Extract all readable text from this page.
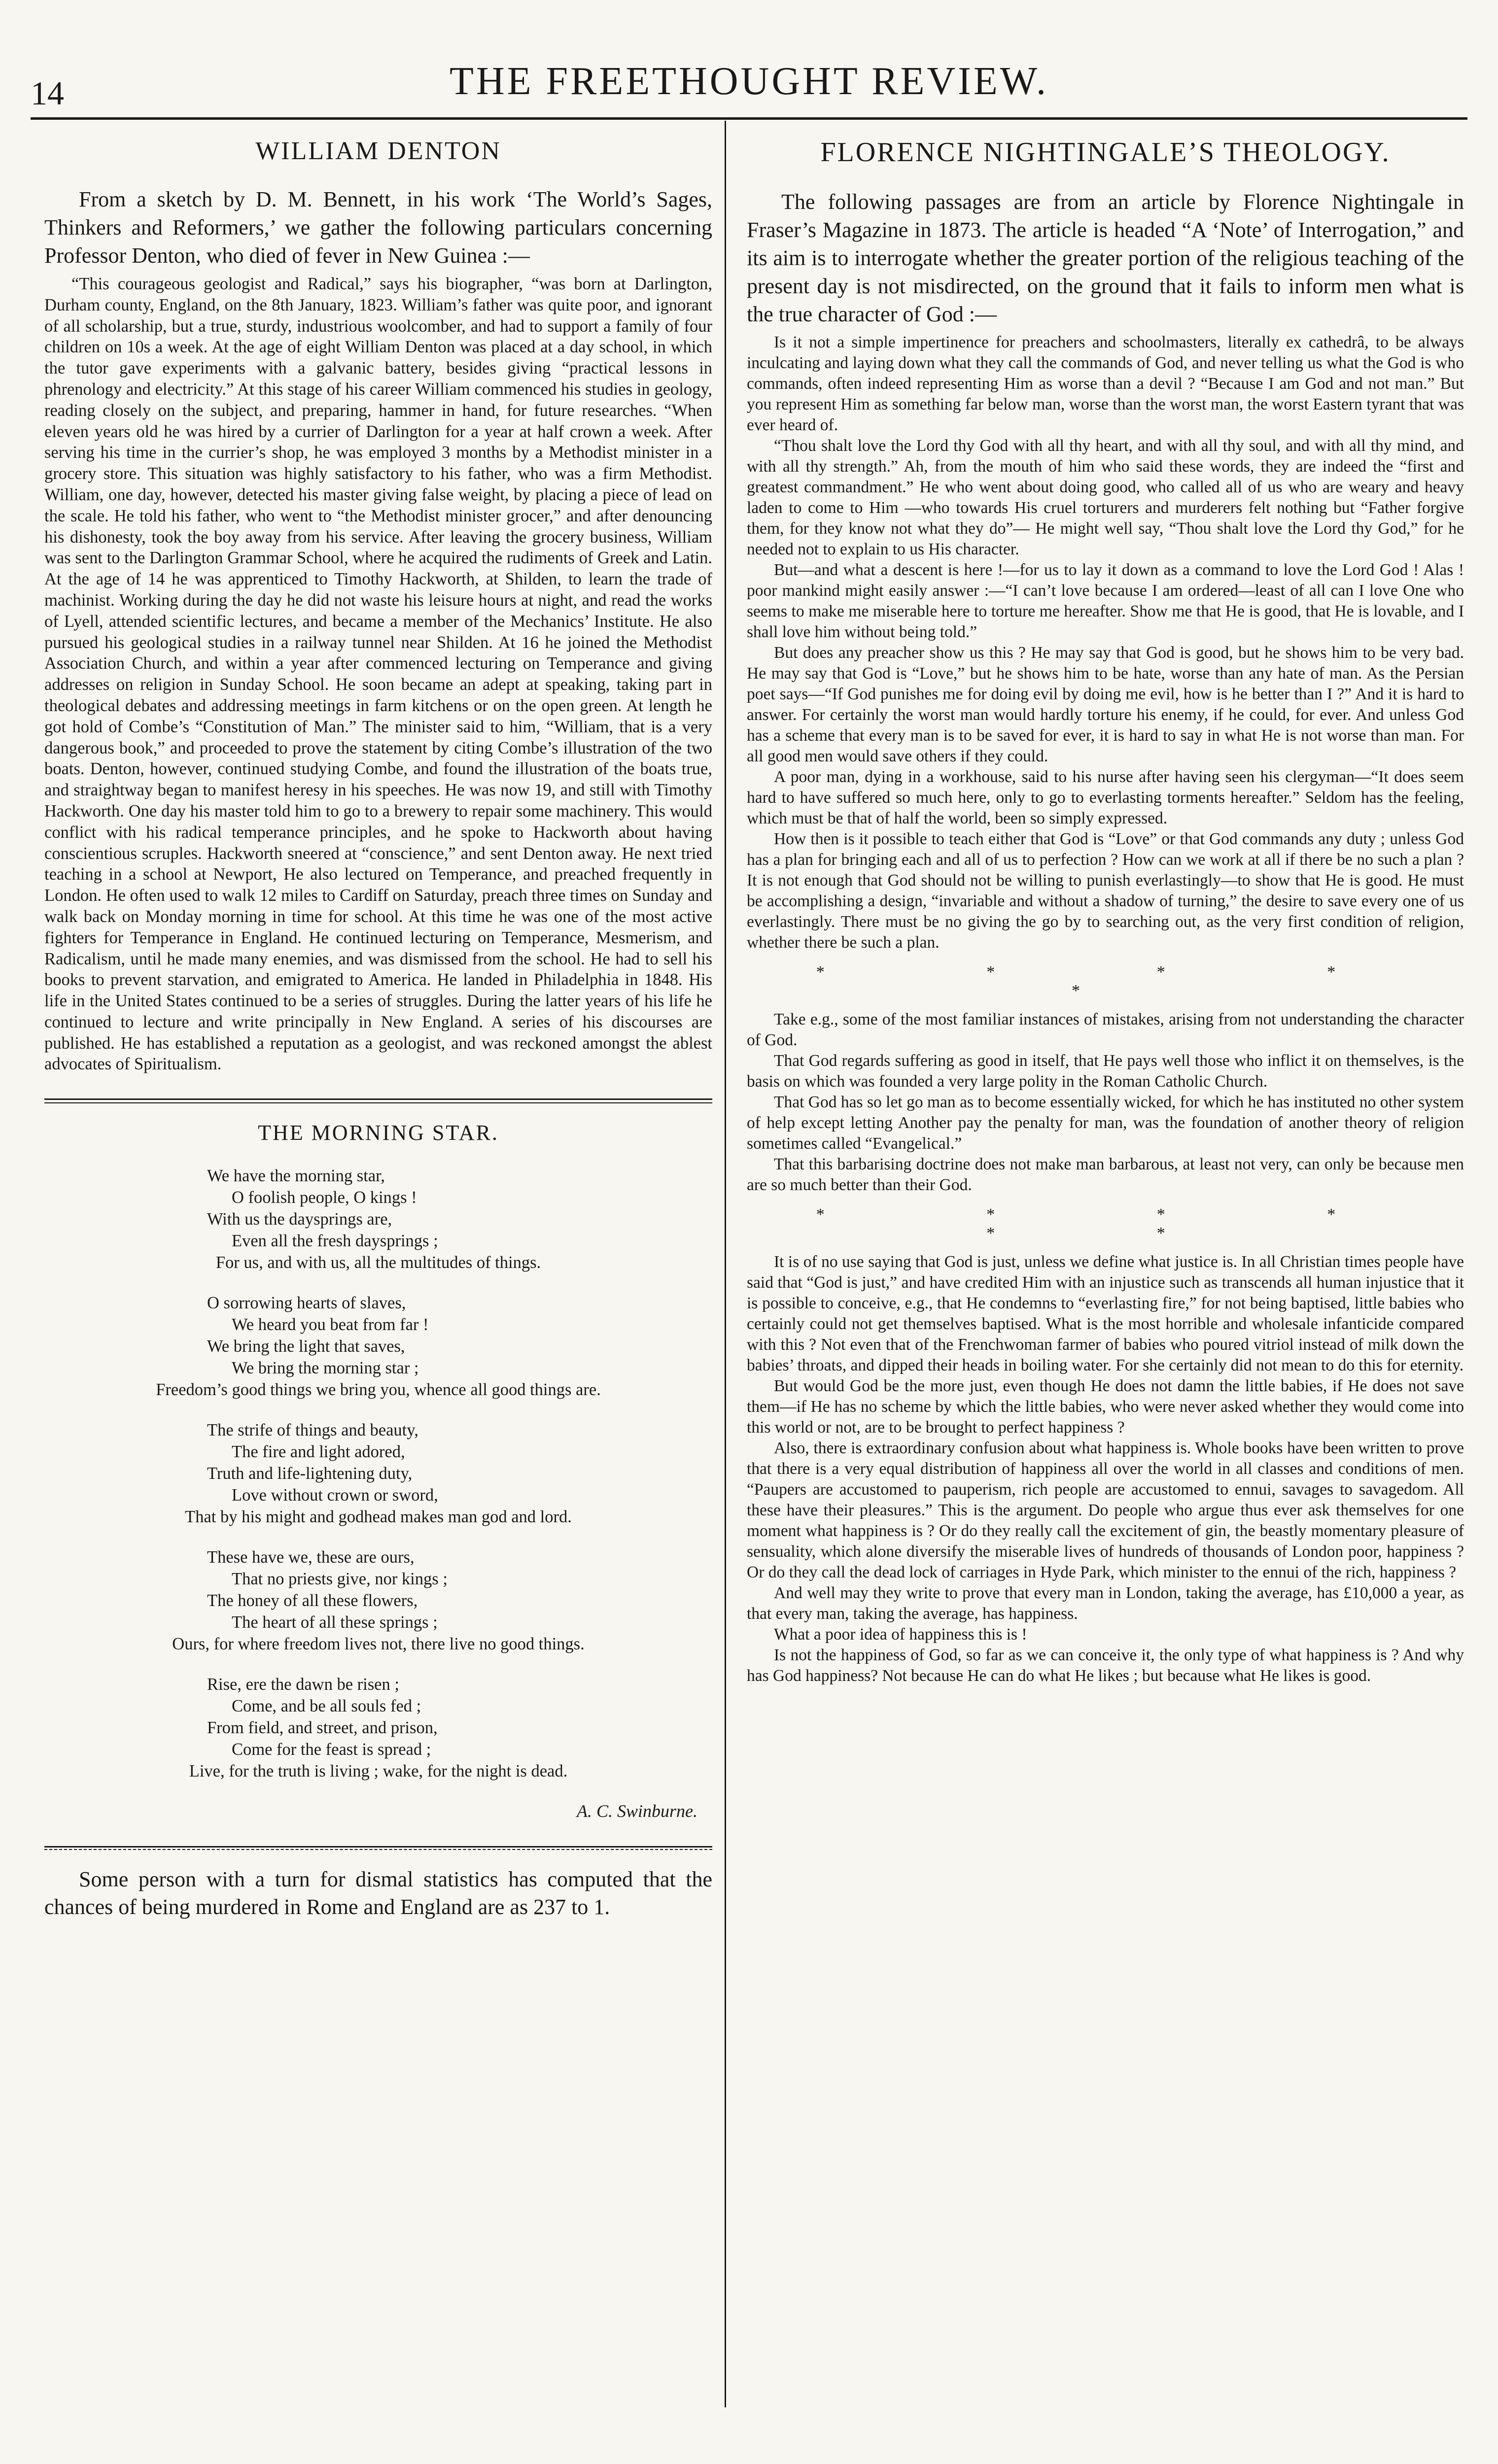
14	THE FREETHOUGHT REVIEW.
WILLIAM DENTON

From a sketch by D. M. Bennett, in his work ‘The World’s Sages, Thinkers and Reformers,’ we gather the following particulars concerning Professor Denton, who died of fever in New Guinea :—

“This courageous geologist and Radical,” says his biographer, “was born at Darlington, Durham county, England, on the 8th January, 1823. William’s father was quite poor, and ignorant of all scholarship, but a true, sturdy, industrious woolcomber, and had to support a family of four children on 10s a week. At the age of eight William Denton was placed at a day school, in which the tutor gave experiments with a galvanic battery, besides giving “practical lessons in phrenology and electricity.” At this stage of his career William commenced his studies in geology, reading closely on the subject, and preparing, hammer in hand, for future researches. “When eleven years old he was hired by a currier of Darlington for a year at half crown a week. After serving his time in the currier’s shop, he was employed 3 months by a Methodist minister in a grocery store. This situation was highly satisfactory to his father, who was a firm Methodist. William, one day, however, detected his master giving false weight, by placing a piece of lead on the scale. He told his father, who went to “the Methodist minister grocer,” and after denouncing his dishonesty, took the boy away from his service. After leaving the grocery business, William was sent to the Darlington Grammar School, where he acquired the rudiments of Greek and Latin. At the age of 14 he was apprenticed to Timothy Hackworth, at Shilden, to learn the trade of machinist. Working during the day he did not waste his leisure hours at night, and read the works of Lyell, attended scientific lectures, and became a member of the Mechanics’ Institute. He also pursued his geological studies in a railway tunnel near Shilden. At 16 he joined the Methodist Association Church, and within a year after commenced lecturing on Temperance and giving addresses on religion in Sunday School. He soon became an adept at speaking, taking part in theological debates and addressing meetings in farm kitchens or on the open green. At length he got hold of Combe’s “Constitution of Man.” The minister said to him, “William, that is a very dangerous book,” and proceeded to prove the statement by citing Combe’s illustration of the two boats. Denton, however, continued studying Combe, and found the illustration of the boats true, and straightway began to manifest heresy in his speeches. He was now 19, and still with Timothy Hackworth. One day his master told him to go to a brewery to repair some machinery. This would conflict with his radical temperance principles, and he spoke to Hackworth about having conscientious scruples. Hackworth sneered at “conscience,” and sent Denton away. He next tried teaching in a school at Newport, He also lectured on Temperance, and preached frequently in London. He often used to walk 12 miles to Cardiff on Saturday, preach three times on Sunday and walk back on Monday morning in time for school. At this time he was one of the most active fighters for Temperance in England. He continued lecturing on Temperance, Mesmerism, and Radicalism, until he made many enemies, and was dismissed from the school. He had to sell his books to prevent starvation, and emigrated to America. He landed in Philadelphia in 1848. His life in the United States continued to be a series of struggles. During the latter years of his life he continued to lecture and write principally in New England. A series of his discourses are published. He has established a reputation as a geologist, and was reckoned amongst the ablest advocates of Spiritualism.

THE MORNING STAR.
We have the morning star,
O foolish people, O kings !
With us the daysprings are,
Even all the fresh daysprings ;
For us, and with us, all the multitudes of things.
O sorrowing hearts of slaves,
We heard you beat from far !
We bring the light that saves,
We bring the morning star ;
Freedom’s good things we bring you, whence all good things are.
The strife of things and beauty,
The fire and light adored,
Truth and life-lightening duty,
Love without crown or sword,
That by his might and godhead makes man god and lord.
These have we, these are ours,
That no priests give, nor kings ;
The honey of all these flowers,
The heart of all these springs ;
Ours, for where freedom lives not, there live no good things.
Rise, ere the dawn be risen ;
Come, and be all souls fed ;
From field, and street, and prison,
Come for the feast is spread ;
Live, for the truth is living ; wake, for the night is dead.
A. C. Swinburne.

Some person with a turn for dismal statistics has computed that the chances of being murdered in Rome and England are as 237 to 1.

FLORENCE NIGHTINGALE’S THEOLOGY.

The following passages are from an article by Florence Nightingale in Fraser’s Magazine in 1873. The article is headed “A ‘Note’ of Interrogation,” and its aim is to interrogate whether the greater portion of the religious teaching of the present day is not misdirected, on the ground that it fails to inform men what is the true character of God :—

Is it not a simple impertinence for preachers and schoolmasters, literally ex cathedrâ, to be always inculcating and laying down what they call the commands of God, and never telling us what the God is who commands, often indeed representing Him as worse than a devil ? “Because I am God and not man.” But you represent Him as something far below man, worse than the worst man, the worst Eastern tyrant that was ever heard of.

“Thou shalt love the Lord thy God with all thy heart, and with all thy soul, and with all thy mind, and with all thy strength.” Ah, from the mouth of him who said these words, they are indeed the “first and greatest commandment.” He who went about doing good, who called all of us who are weary and heavy laden to come to Him —who towards His cruel torturers and murderers felt nothing but “Father forgive them, for they know not what they do”— He might well say, “Thou shalt love the Lord thy God,” for he needed not to explain to us His character.

But—and what a descent is here !—for us to lay it down as a command to love the Lord God ! Alas ! poor mankind might easily answer :—“I can’t love because I am ordered—least of all can I love One who seems to make me miserable here to torture me hereafter. Show me that He is good, that He is lovable, and I shall love him without being told.”

But does any preacher show us this ? He may say that God is good, but he shows him to be very bad. He may say that God is “Love,” but he shows him to be hate, worse than any hate of man. As the Persian poet says—“If God punishes me for doing evil by doing me evil, how is he better than I ?” And it is hard to answer. For certainly the worst man would hardly torture his enemy, if he could, for ever. And unless God has a scheme that every man is to be saved for ever, it is hard to say in what He is not worse than man. For all good men would save others if they could.

A poor man, dying in a workhouse, said to his nurse after having seen his clergyman—“It does seem hard to have suffered so much here, only to go to everlasting torments hereafter.” Seldom has the feeling, which must be that of half the world, been so simply expressed.

How then is it possible to teach either that God is “Love” or that God commands any duty ; unless God has a plan for bringing each and all of us to perfection ? How can we work at all if there be no such a plan ? It is not enough that God should not be willing to punish everlastingly—to show that He is good. He must be accomplishing a design, “invariable and without a shadow of turning,” the desire to save every one of us everlastingly. There must be no giving the go by to searching out, as the very first condition of religion, whether there be such a plan.

* * * * *

Take e.g., some of the most familiar instances of mistakes, arising from not understanding the character of God.

That God regards suffering as good in itself, that He pays well those who inflict it on themselves, is the basis on which was founded a very large polity in the Roman Catholic Church.

That God has so let go man as to become essentially wicked, for which he has instituted no other system of help except letting Another pay the penalty for man, was the foundation of another theory of religion sometimes called “Evangelical.”

That this barbarising doctrine does not make man barbarous, at least not very, can only be because men are so much better than their God.

* * * * * *

It is of no use saying that God is just, unless we define what justice is. In all Christian times people have said that “God is just,” and have credited Him with an injustice such as transcends all human injustice that it is possible to conceive, e.g., that He condemns to “everlasting fire,” for not being baptised, little babies who certainly could not get themselves baptised. What is the most horrible and wholesale infanticide compared with this ? Not even that of the Frenchwoman farmer of babies who poured vitriol instead of milk down the babies’ throats, and dipped their heads in boiling water. For she certainly did not mean to do this for eternity.

But would God be the more just, even though He does not damn the little babies, if He does not save them—if He has no scheme by which the little babies, who were never asked whether they would come into this world or not, are to be brought to perfect happiness ?

Also, there is extraordinary confusion about what happiness is. Whole books have been written to prove that there is a very equal distribution of happiness all over the world in all classes and conditions of men. “Paupers are accustomed to pauperism, rich people are accustomed to ennui, savages to savagedom. All these have their pleasures.” This is the argument. Do people who argue thus ever ask themselves for one moment what happiness is ? Or do they really call the excitement of gin, the beastly momentary pleasure of sensuality, which alone diversify the miserable lives of hundreds of thousands of London poor, happiness ? Or do they call the dead lock of carriages in Hyde Park, which minister to the ennui of the rich, happiness ?

And well may they write to prove that every man in London, taking the average, has £10,000 a year, as that every man, taking the average, has happiness.

What a poor idea of happiness this is !

Is not the happiness of God, so far as we can conceive it, the only type of what happiness is ? And why has God happiness? Not because He can do what He likes ; but because what He likes is good.
